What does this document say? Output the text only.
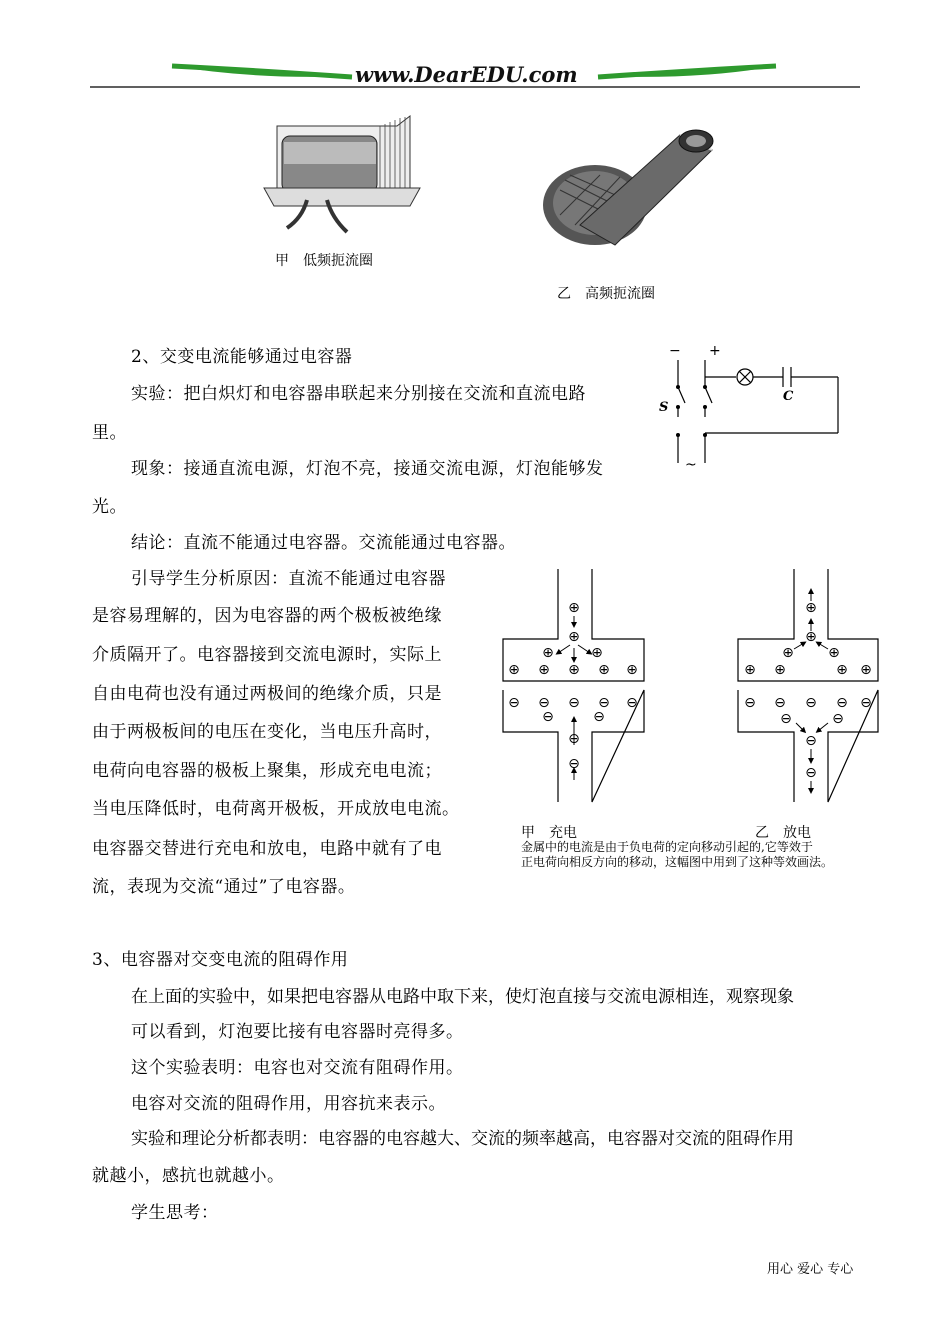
www.DearEDU.com
甲　低频扼流圈
乙　高频扼流圈
− +
S
C
~
2、交变电流能够通过电容器
实验：把白炽灯和电容器串联起来分别接在交流和直流电路
里。
现象：接通直流电源，灯泡不亮，接通交流电源，灯泡能够发
光。
结论：直流不能通过电容器。交流能通过电容器。
引导学生分析原因：直流不能通过电容器
是容易理解的，因为电容器的两个极板被绝缘
介质隔开了。电容器接到交流电源时，实际上
自由电荷也没有通过两极间的绝缘介质，只是
由于两极板间的电压在变化，当电压升高时，
电荷向电容器的极板上聚集，形成充电电流；
当电压降低时，电荷离开极板，开成放电电流。
电容器交替进行充电和放电，电路中就有了电
流，表现为交流“通过”了电容器。
⊕
⊕
⊕	⊕
⊕ ⊕ ⊕ ⊕ ⊕
⊖ ⊖ ⊖ ⊖ ⊖
⊖	⊖
⊖
⊖
⊕
⊕
⊕ ⊕
⊕ ⊕	⊕ ⊕
⊖ ⊖ ⊖ ⊖ ⊖
⊖	⊖
⊖
⊖
甲　充电	乙　放电
金属中的电流是由于负电荷的定向移动引起的,它等效于
正电荷向相反方向的移动，这幅图中用到了这种等效画法。
3、电容器对交变电流的阻碍作用
在上面的实验中，如果把电容器从电路中取下来，使灯泡直接与交流电源相连，观察现象
可以看到，灯泡要比接有电容器时亮得多。
这个实验表明：电容也对交流有阻碍作用。
电容对交流的阻碍作用，用容抗来表示。
实验和理论分析都表明：电容器的电容越大、交流的频率越高，电容器对交流的阻碍作用
就越小，感抗也就越小。
学生思考：
用心 爱心 专心
